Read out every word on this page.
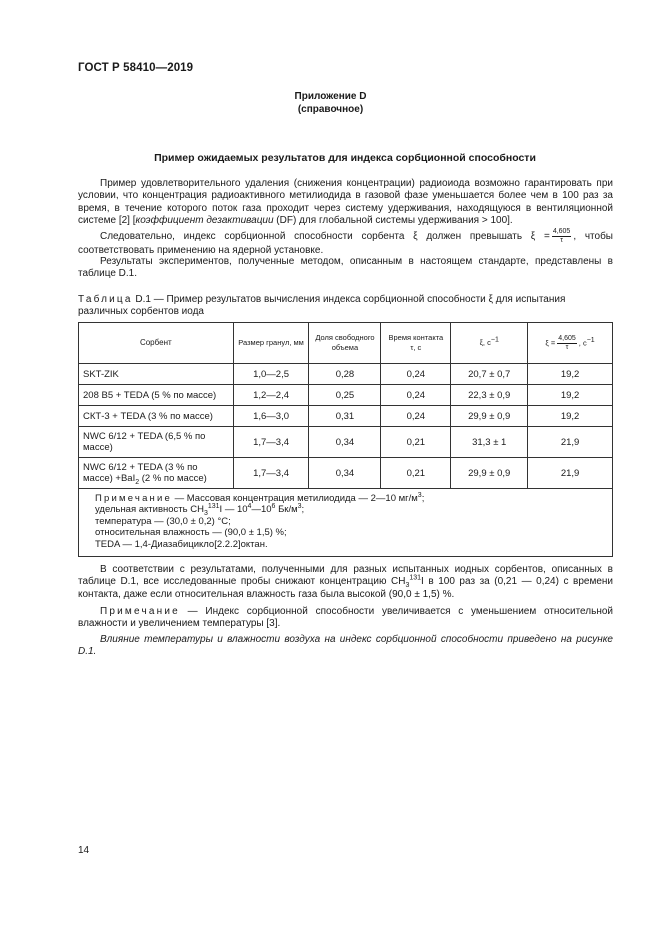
ГОСТ Р 58410—2019
Приложение D
(справочное)
Пример ожидаемых результатов для индекса сорбционной способности
Пример удовлетворительного удаления (снижения концентрации) радиоиода возможно гарантировать при условии, что концентрация радиоактивного метилиодида в газовой фазе уменьшается более чем в 100 раз за время, в течение которого поток газа проходит через систему удерживания, находящуюся в вентиляционной системе [2] [коэффициент дезактивации (DF) для глобальной системы удерживания > 100].
Следовательно, индекс сорбционной способности сорбента ξ должен превышать $\xi = \frac{4,605}{\tau}$ , чтобы соответствовать применению на ядерной установке.
Результаты экспериментов, полученные методом, описанным в настоящем стандарте, представлены в таблице D.1.
Таблица D.1 — Пример результатов вычисления индекса сорбционной способности ξ для испытания различных сорбентов иода
Сорбент	Размер гранул, мм	Доля свободного объема	Время контакта τ, с	ξ, $с^{-1}$	$\xi = \frac{4,605}{\tau}$ , $с^{-1}$
SKT-ZIK	1,0—2,5	0,28	0,24	20,7 ± 0,7	19,2
208 B5 + TEDA (5 % по массе)	1,2—2,4	0,25	0,24	22,3 ± 0,9	19,2
СКТ-3 + TEDA (3 % по массе)	1,6—3,0	0,31	0,24	29,9 ± 0,9	19,2
NWC 6/12 + TEDA (6,5 % по массе)	1,7—3,4	0,34	0,21	31,3 ± 1	21,9
NWC 6/12 + TEDA (3 % по массе) +BaI$_2$ (2 % по массе)	1,7—3,4	0,34	0,21	29,9 ± 0,9	21,9

Примечание — Массовая концентрация метилиодида — 2—10 $мг/м^3$;
удельная активность $CH_3^{131}I$ — $10^4—10^6$ $Бк/м^3$;
температура — (30,0 ± 0,2) °С;
относительная влажность — (90,0 ± 1,5) %;
TEDA — 1,4-Диазабицикло[2.2.2]октан.					
В соответствии с результатами, полученными для разных испытанных иодных сорбентов, описанных в таблице D.1, все исследованные пробы снижают концентрацию $CH_3^{131}I$ в 100 раз за (0,21 — 0,24) с времени контакта, даже если относительная влажность газа была высокой (90,0 ± 1,5) %.
Примечание — Индекс сорбционной способности увеличивается с уменьшением относительной влажности и увеличением температуры [3].
Влияние температуры и влажности воздуха на индекс сорбционной способности приведено на рисунке D.1.
14
